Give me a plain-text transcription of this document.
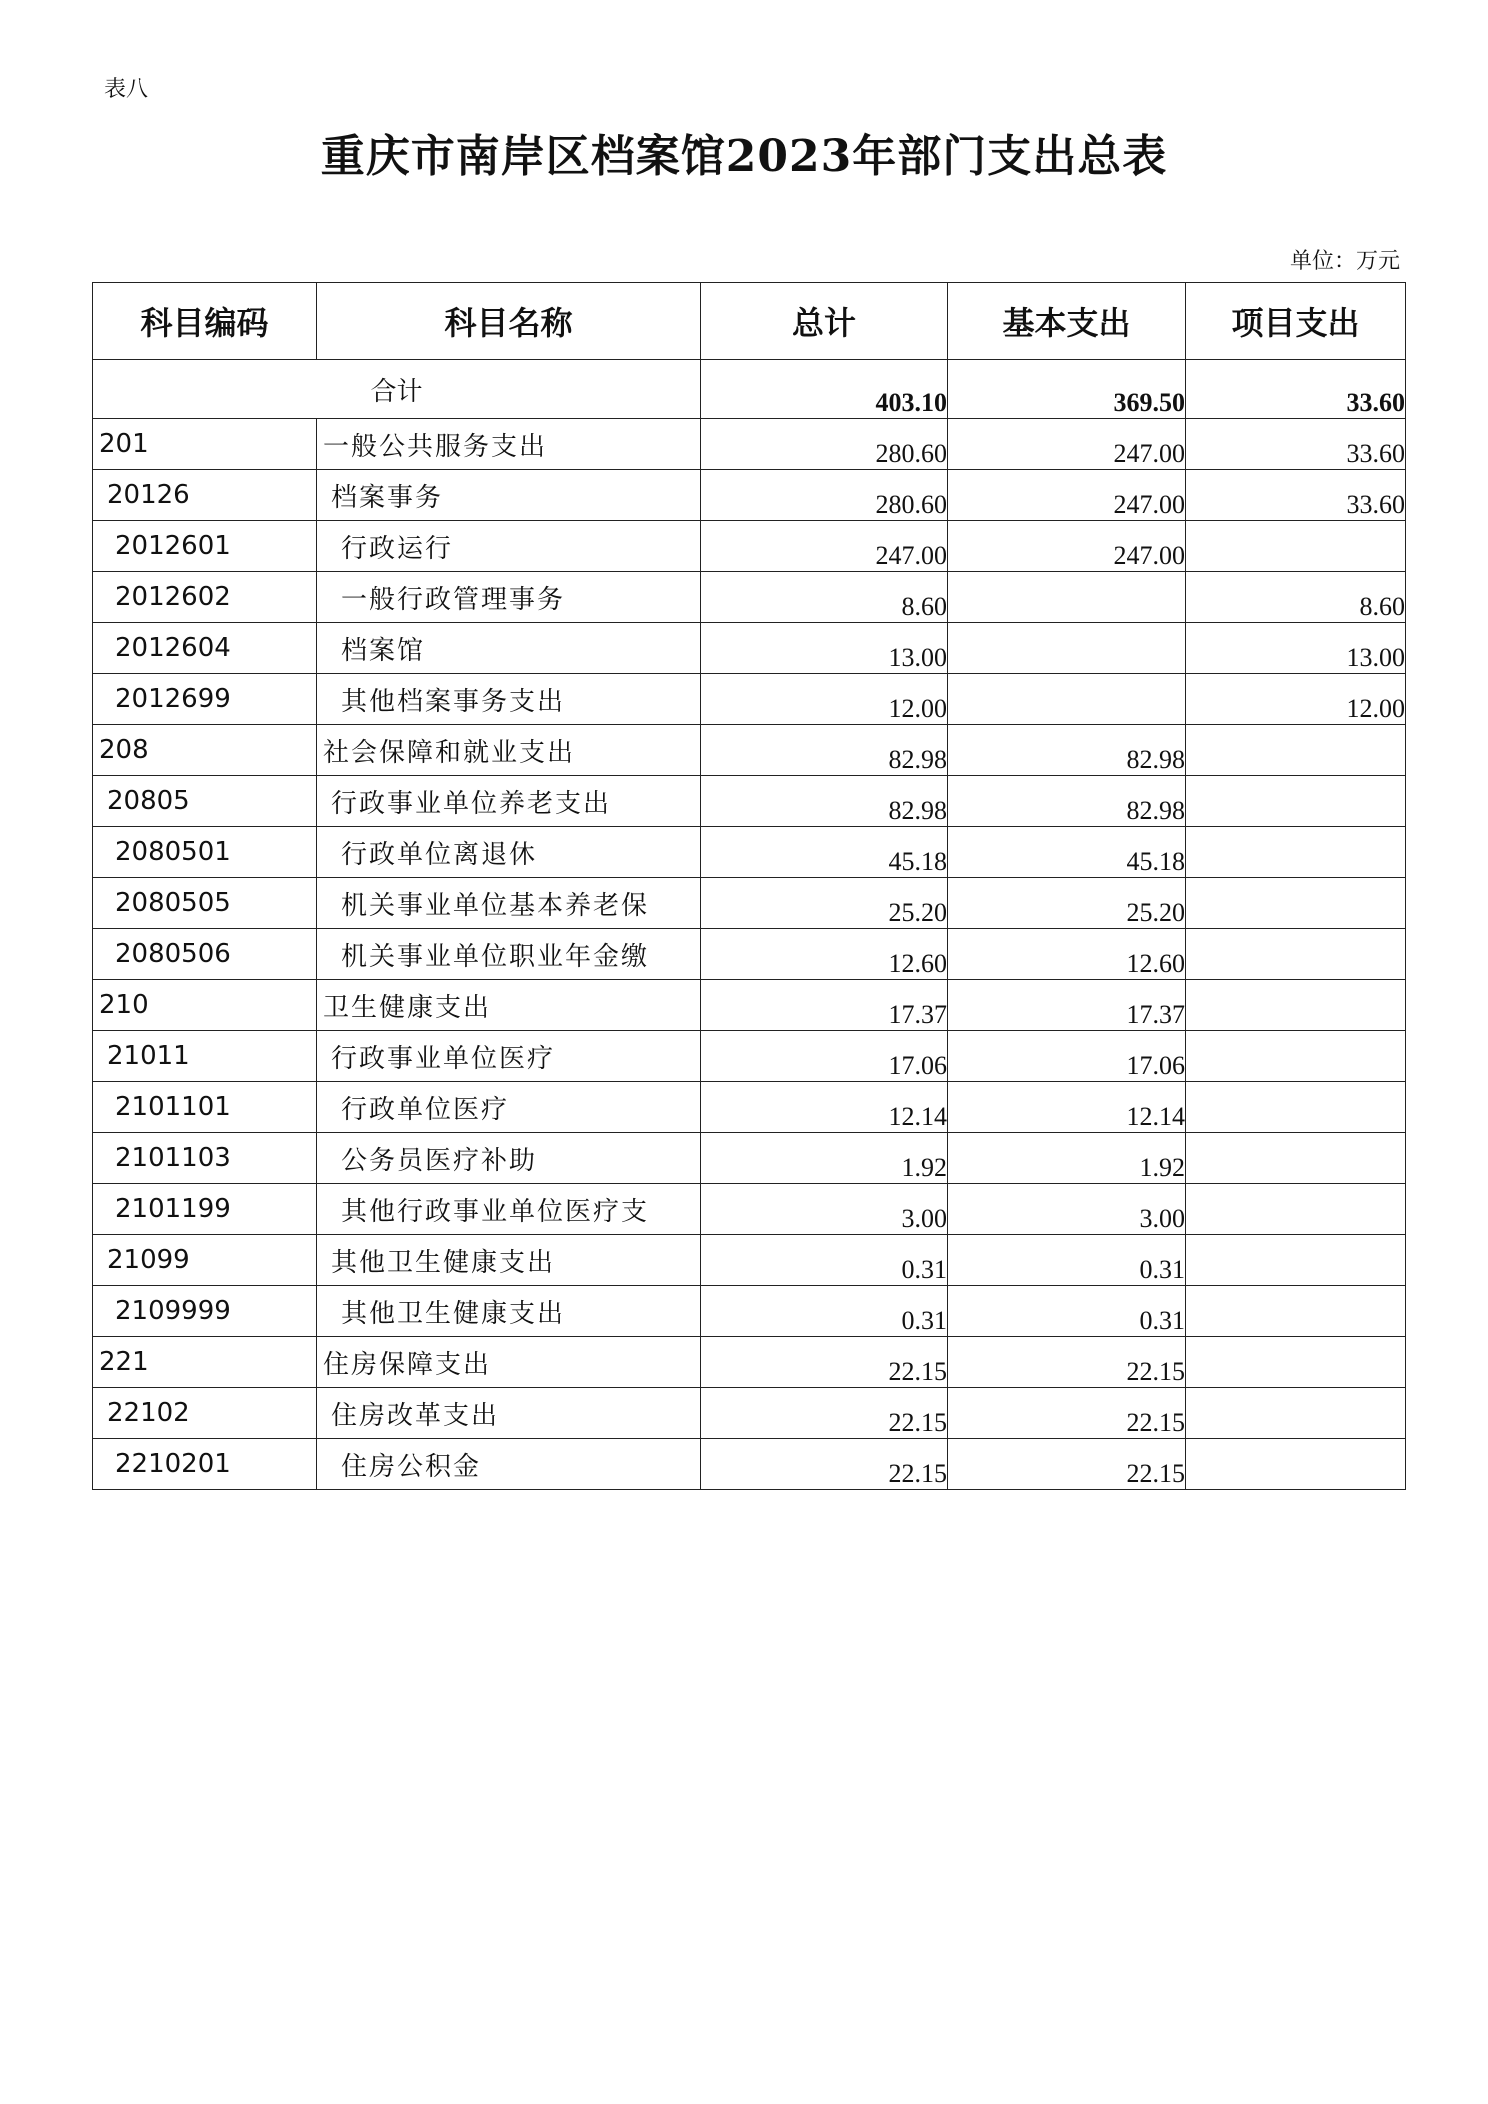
表八
重庆市南岸区档案馆2023年部门支出总表
单位：万元
科目编码	科目名称	总计	基本支出	项目支出
合计		403.10	369.50	33.60
201	一般公共服务支出	280.60	247.00	33.60
20126	档案事务	280.60	247.00	33.60
2012601	行政运行	247.00	247.00	
2012602	一般行政管理事务	8.60		8.60
2012604	档案馆	13.00		13.00
2012699	其他档案事务支出	12.00		12.00
208	社会保障和就业支出	82.98	82.98	
20805	行政事业单位养老支出	82.98	82.98	
2080501	行政单位离退休	45.18	45.18	
2080505	机关事业单位基本养老保	25.20	25.20	
2080506	机关事业单位职业年金缴	12.60	12.60	
210	卫生健康支出	17.37	17.37	
21011	行政事业单位医疗	17.06	17.06	
2101101	行政单位医疗	12.14	12.14	
2101103	公务员医疗补助	1.92	1.92	
2101199	其他行政事业单位医疗支	3.00	3.00	
21099	其他卫生健康支出	0.31	0.31	
2109999	其他卫生健康支出	0.31	0.31	
221	住房保障支出	22.15	22.15	
22102	住房改革支出	22.15	22.15	
2210201	住房公积金	22.15	22.15	
